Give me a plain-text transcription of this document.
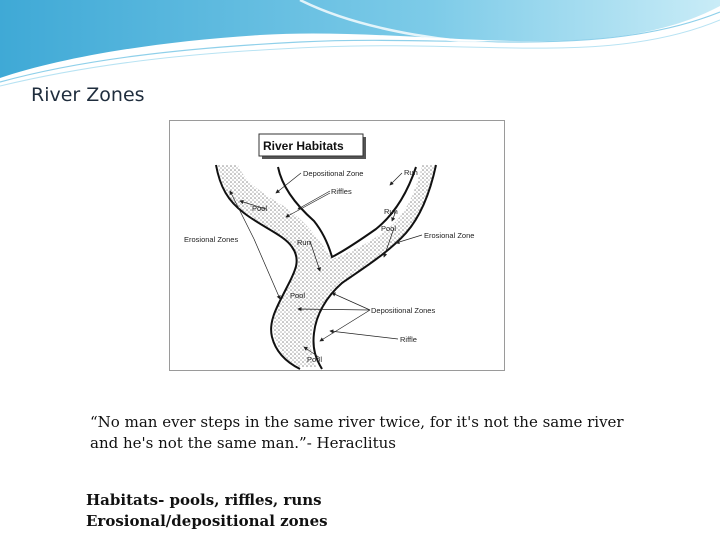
River Zones
River Habitats
Depositional Zone	Run
Riffles
Pool	Run
Pool
Erosional Zones	Erosional Zone
Run
Pool
Depositional Zones
Riffle
Pool
“No man ever steps in the same river twice, for it's not the same river and he's not the same man.”- Heraclitus
Habitats- pools, riffles, runs
Erosional/depositional zones
